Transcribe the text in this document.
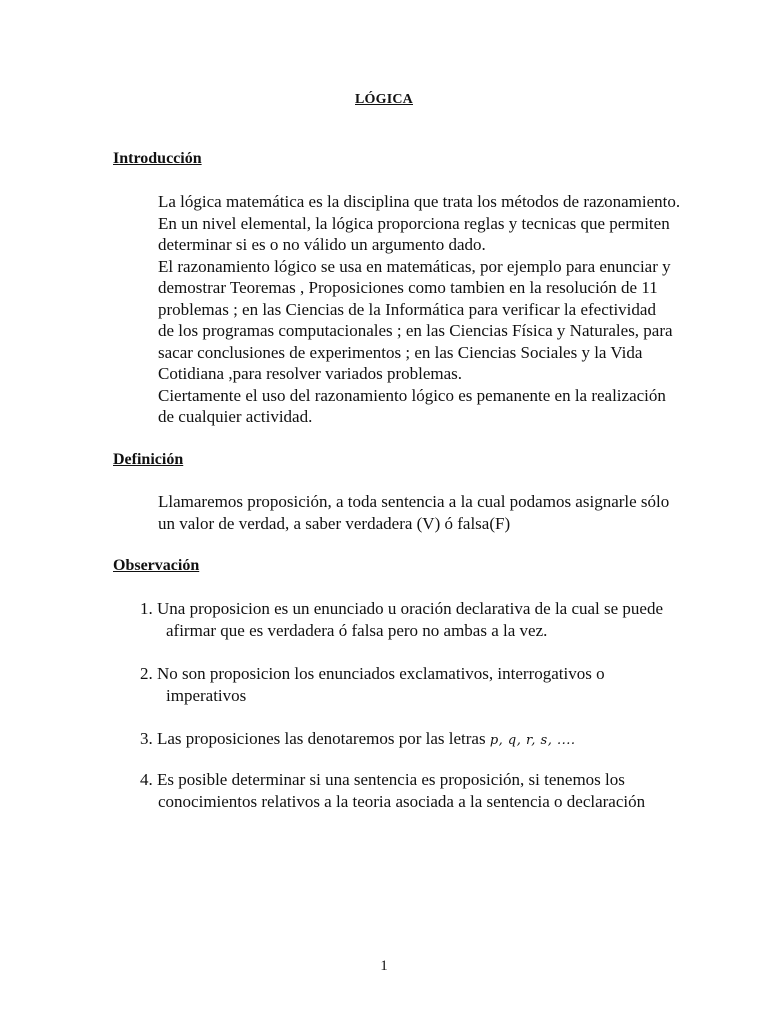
LÓGICA
Introducción
La lógica matemática es la disciplina que trata los métodos de razonamiento.
En un nivel elemental, la lógica proporciona reglas y tecnicas que permiten
determinar si es o no válido un argumento dado.
El razonamiento lógico se usa en matemáticas, por ejemplo para enunciar y
demostrar Teoremas , Proposiciones como tambien en la resolución de 11
problemas ; en las Ciencias de la Informática para verificar la efectividad
de los programas computacionales ; en las Ciencias Física y Naturales, para
sacar conclusiones de experimentos ; en las Ciencias Sociales y la Vida
Cotidiana ,para resolver variados problemas.
Ciertamente el uso del razonamiento lógico es pemanente en la realización
de cualquier actividad.
Definición
Llamaremos proposición, a toda sentencia a la cual podamos asignarle sólo
un valor de verdad, a saber verdadera (V) ó falsa(F)
Observación
1. Una proposicion es un enunciado u oración declarativa de la cual se puede
afirmar que es verdadera ó falsa pero no ambas a la vez.
2. No son proposicion los enunciados exclamativos, interrogativos o
imperativos
3. Las proposiciones las denotaremos por las letras p, q, r, s, ....
4. Es posible determinar si una sentencia es proposición, si tenemos los
conocimientos relativos a la teoria asociada a la sentencia o declaración
1
